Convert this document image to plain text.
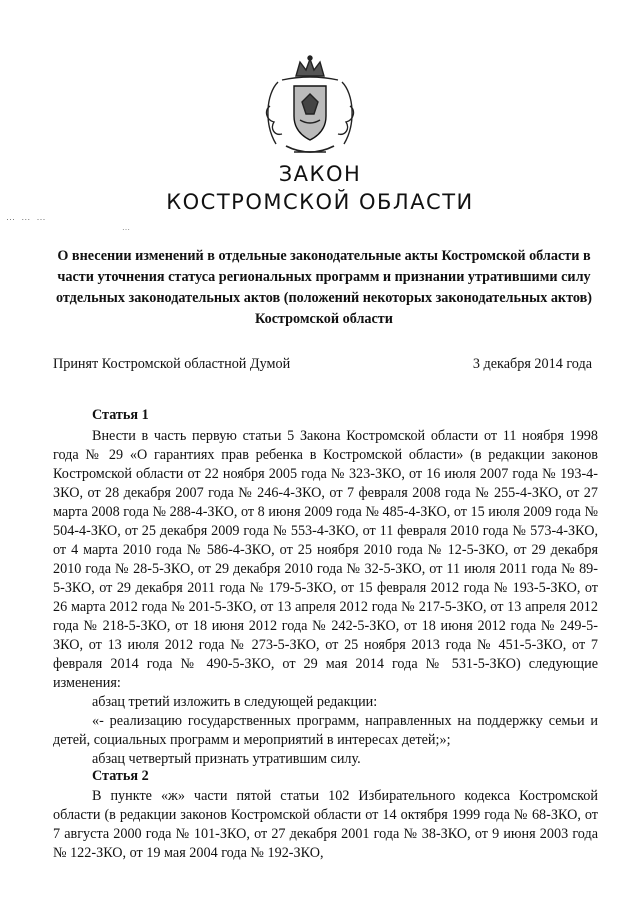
ЗАКОН
КОСТРОМСКОЙ ОБЛАСТИ
⋯ ⋯ ⋯
⋯
О внесении изменений в отдельные законодательные акты Костромской области в части уточнения статуса региональных программ и признании утратившими силу отдельных законодательных актов (положений некоторых законодательных актов) Костромской области
Принят Костромской областной Думой	3 декабря 2014 года
Статья 1

Внести в часть первую статьи 5 Закона Костромской области от 11 ноября 1998 года № 29 «О гарантиях прав ребенка в Костромской области» (в редакции законов Костромской области от 22 ноября 2005 года № 323-ЗКО, от 16 июля 2007 года № 193-4-ЗКО, от 28 декабря 2007 года № 246-4-ЗКО, от 7 февраля 2008 года № 255-4-ЗКО, от 27 марта 2008 года № 288-4-ЗКО, от 8 июня 2009 года № 485-4-ЗКО, от 15 июля 2009 года № 504-4-ЗКО, от 25 декабря 2009 года № 553-4-ЗКО, от 11 февраля 2010 года № 573-4-ЗКО, от 4 марта 2010 года № 586-4-ЗКО, от 25 ноября 2010 года № 12-5-ЗКО, от 29 декабря 2010 года № 28-5-ЗКО, от 29 декабря 2010 года № 32-5-ЗКО, от 11 июля 2011 года № 89-5-ЗКО, от 29 декабря 2011 года № 179-5-ЗКО, от 15 февраля 2012 года № 193-5-ЗКО, от 26 марта 2012 года № 201-5-ЗКО, от 13 апреля 2012 года № 217-5-ЗКО, от 13 апреля 2012 года № 218-5-ЗКО, от 18 июня 2012 года № 242-5-ЗКО, от 18 июня 2012 года № 249-5-ЗКО, от 13 июля 2012 года № 273-5-ЗКО, от 25 ноября 2013 года № 451-5-ЗКО, от 7 февраля 2014 года № 490-5-ЗКО, от 29 мая 2014 года № 531-5-ЗКО) следующие изменения:

абзац третий изложить в следующей редакции:

«- реализацию государственных программ, направленных на поддержку семьи и детей, социальных программ и мероприятий в интересах детей;»;

абзац четвертый признать утратившим силу.

Статья 2

В пункте «ж» части пятой статьи 102 Избирательного кодекса Костромской области (в редакции законов Костромской области от 14 октября 1999 года № 68-ЗКО, от 7 августа 2000 года № 101-ЗКО, от 27 декабря 2001 года № 38-ЗКО, от 9 июня 2003 года № 122-ЗКО, от 19 мая 2004 года № 192-ЗКО,
